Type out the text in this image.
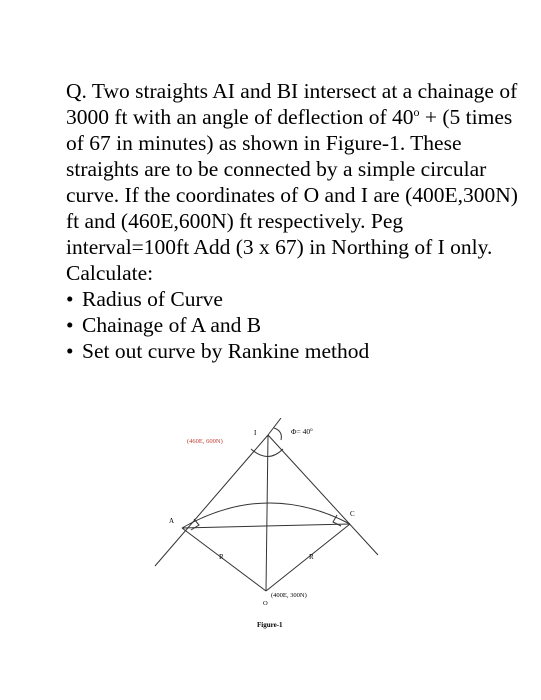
Q. Two straights AI and BI intersect at a chainage of 3000 ft with an angle of deflection of $40^o + (5$ times of 67 in minutes) as shown in Figure-1. These straights are to be connected by a simple circular curve. If the coordinates of O and I are (400E,300N) ft and (460E,600N) ft respectively. Peg interval=100ft Add (3 x 67) in Northing of I only.

Calculate:

• Radius of Curve
• Chainage of A and B
• Set out curve by Rankine method
I	$\Phi= 40^o$
(460E, 600N)
A
C
R	R
(400E, 300N)
O
Figure-1
